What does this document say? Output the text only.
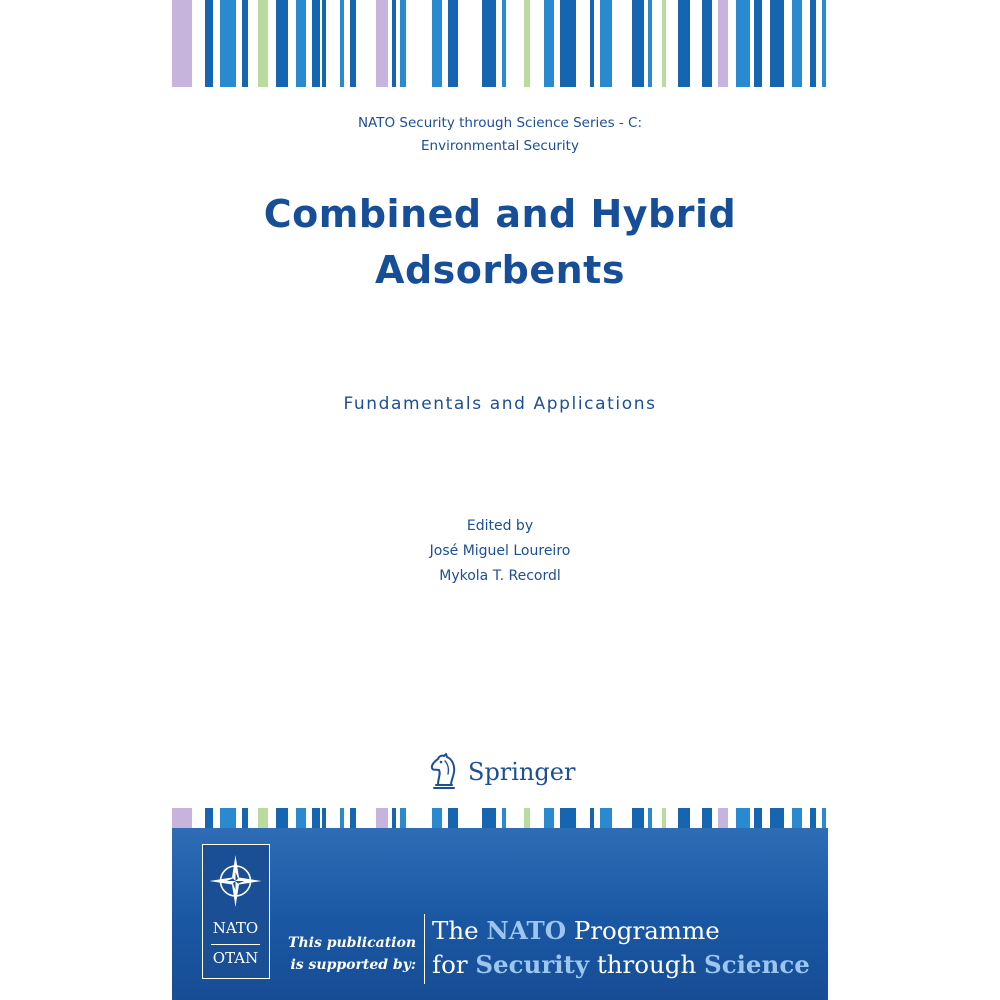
NATO Security through Science Series - C:
Environmental Security
Combined and Hybrid
Adsorbents
Fundamentals and Applications
Edited by
José Miguel Loureiro
Mykola T. Recordl
Springer
NATO
OTAN
This publication
is supported by:
The NATO Programme
for Security through Science
